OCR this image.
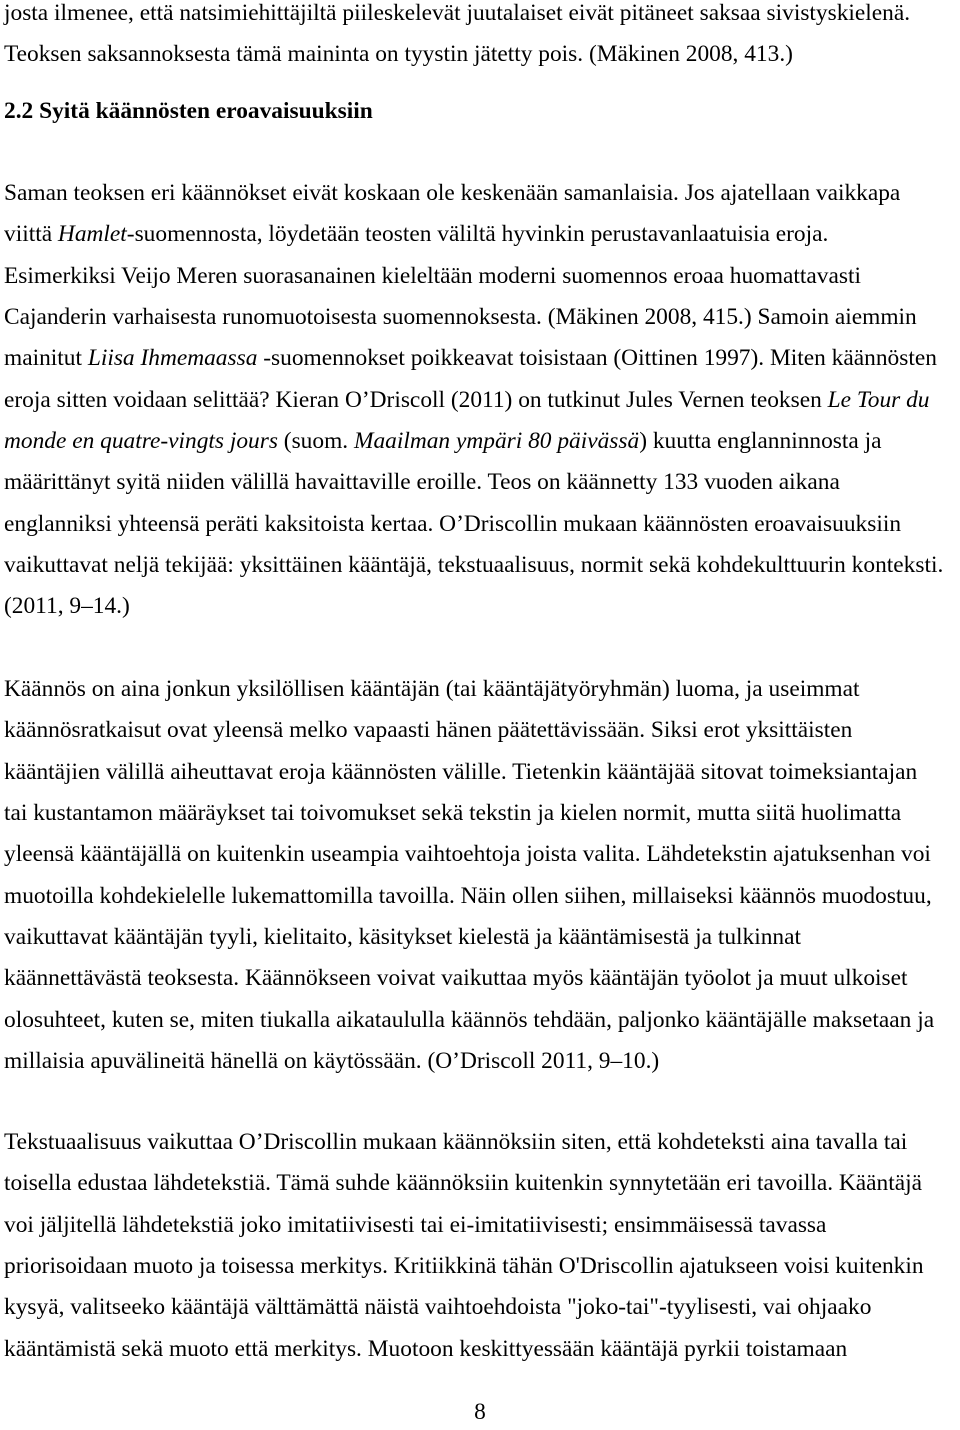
josta ilmenee, että natsimiehittäjiltä piileskelevät juutalaiset eivät pitäneet saksaa sivistyskielenä.
Teoksen saksannoksesta tämä maininta on tyystin jätetty pois. (Mäkinen 2008, 413.)
2.2 Syitä käännösten eroavaisuuksiin
Saman teoksen eri käännökset eivät koskaan ole keskenään samanlaisia. Jos ajatellaan vaikkapa
viittä Hamlet-suomennosta, löydetään teosten väliltä hyvinkin perustavanlaatuisia eroja.
Esimerkiksi Veijo Meren suorasanainen kieleltään moderni suomennos eroaa huomattavasti
Cajanderin varhaisesta runomuotoisesta suomennoksesta. (Mäkinen 2008, 415.) Samoin aiemmin
mainitut Liisa Ihmemaassa -suomennokset poikkeavat toisistaan (Oittinen 1997). Miten käännösten
eroja sitten voidaan selittää? Kieran O’Driscoll (2011) on tutkinut Jules Vernen teoksen Le Tour du
monde en quatre-vingts jours (suom. Maailman ympäri 80 päivässä) kuutta englanninnosta ja
määrittänyt syitä niiden välillä havaittaville eroille. Teos on käännetty 133 vuoden aikana
englanniksi yhteensä peräti kaksitoista kertaa. O’Driscollin mukaan käännösten eroavaisuuksiin
vaikuttavat neljä tekijää: yksittäinen kääntäjä, tekstuaalisuus, normit sekä kohdekulttuurin konteksti.
(2011, 9–14.)
Käännös on aina jonkun yksilöllisen kääntäjän (tai kääntäjätyöryhmän) luoma, ja useimmat
käännösratkaisut ovat yleensä melko vapaasti hänen päätettävissään. Siksi erot yksittäisten
kääntäjien välillä aiheuttavat eroja käännösten välille. Tietenkin kääntäjää sitovat toimeksiantajan
tai kustantamon määräykset tai toivomukset sekä tekstin ja kielen normit, mutta siitä huolimatta
yleensä kääntäjällä on kuitenkin useampia vaihtoehtoja joista valita. Lähdetekstin ajatuksenhan voi
muotoilla kohdekielelle lukemattomilla tavoilla. Näin ollen siihen, millaiseksi käännös muodostuu,
vaikuttavat kääntäjän tyyli, kielitaito, käsitykset kielestä ja kääntämisestä ja tulkinnat
käännettävästä teoksesta. Käännökseen voivat vaikuttaa myös kääntäjän työolot ja muut ulkoiset
olosuhteet, kuten se, miten tiukalla aikataululla käännös tehdään, paljonko kääntäjälle maksetaan ja
millaisia apuvälineitä hänellä on käytössään. (O’Driscoll 2011, 9–10.)
Tekstuaalisuus vaikuttaa O’Driscollin mukaan käännöksiin siten, että kohdeteksti aina tavalla tai
toisella edustaa lähdetekstiä. Tämä suhde käännöksiin kuitenkin synnytetään eri tavoilla. Kääntäjä
voi jäljitellä lähdetekstiä joko imitatiivisesti tai ei-imitatiivisesti; ensimmäisessä tavassa
priorisoidaan muoto ja toisessa merkitys. Kritiikkinä tähän O'Driscollin ajatukseen voisi kuitenkin
kysyä, valitseeko kääntäjä välttämättä näistä vaihtoehdoista "joko-tai"-tyylisesti, vai ohjaako
kääntämistä sekä muoto että merkitys. Muotoon keskittyessään kääntäjä pyrkii toistamaan
8
